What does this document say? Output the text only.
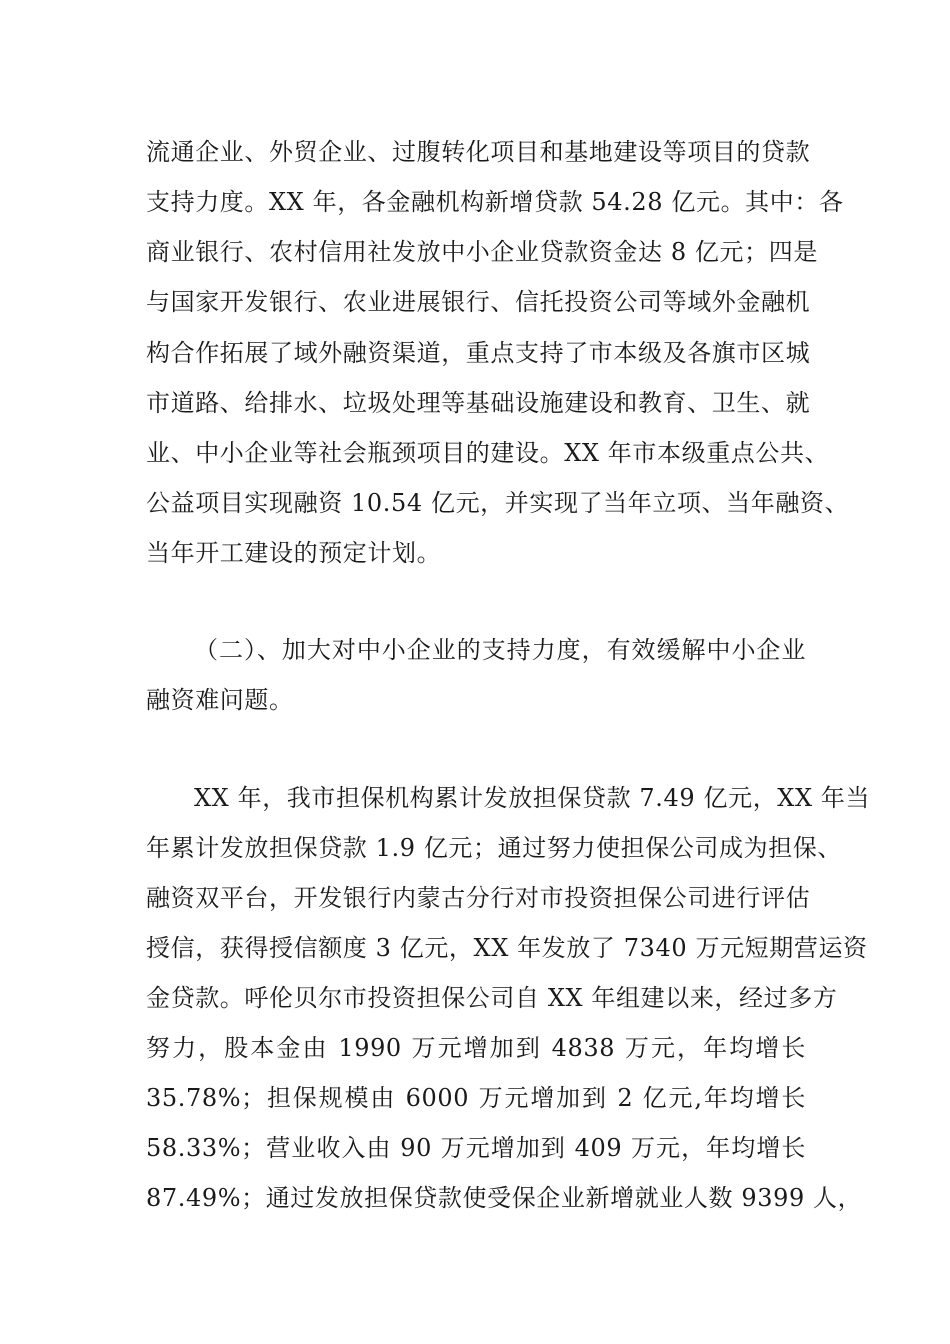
流通企业、外贸企业、过腹转化项目和基地建设等项目的贷款
支持力度。XX 年，各金融机构新增贷款 54.28 亿元。其中：各
商业银行、农村信用社发放中小企业贷款资金达 8 亿元；四是
与国家开发银行、农业进展银行、信托投资公司等域外金融机
构合作拓展了域外融资渠道，重点支持了市本级及各旗市区城
市道路、给排水、垃圾处理等基础设施建设和教育、卫生、就
业、中小企业等社会瓶颈项目的建设。XX 年市本级重点公共、
公益项目实现融资 10.54 亿元，并实现了当年立项、当年融资、
当年开工建设的预定计划。
（二）、加大对中小企业的支持力度，有效缓解中小企业
融资难问题。
XX 年，我市担保机构累计发放担保贷款 7.49 亿元，XX 年当
年累计发放担保贷款 1.9 亿元；通过努力使担保公司成为担保、
融资双平台，开发银行内蒙古分行对市投资担保公司进行评估
授信，获得授信额度 3 亿元，XX 年发放了 7340 万元短期营运资
金贷款。呼伦贝尔市投资担保公司自 XX 年组建以来，经过多方
努力，股本金由 1990 万元增加到 4838 万元，年均增长
35.78%；担保规模由 6000 万元增加到 2 亿元,年均增长
58.33%；营业收入由 90 万元增加到 409 万元，年均增长
87.49%；通过发放担保贷款使受保企业新增就业人数 9399 人，
